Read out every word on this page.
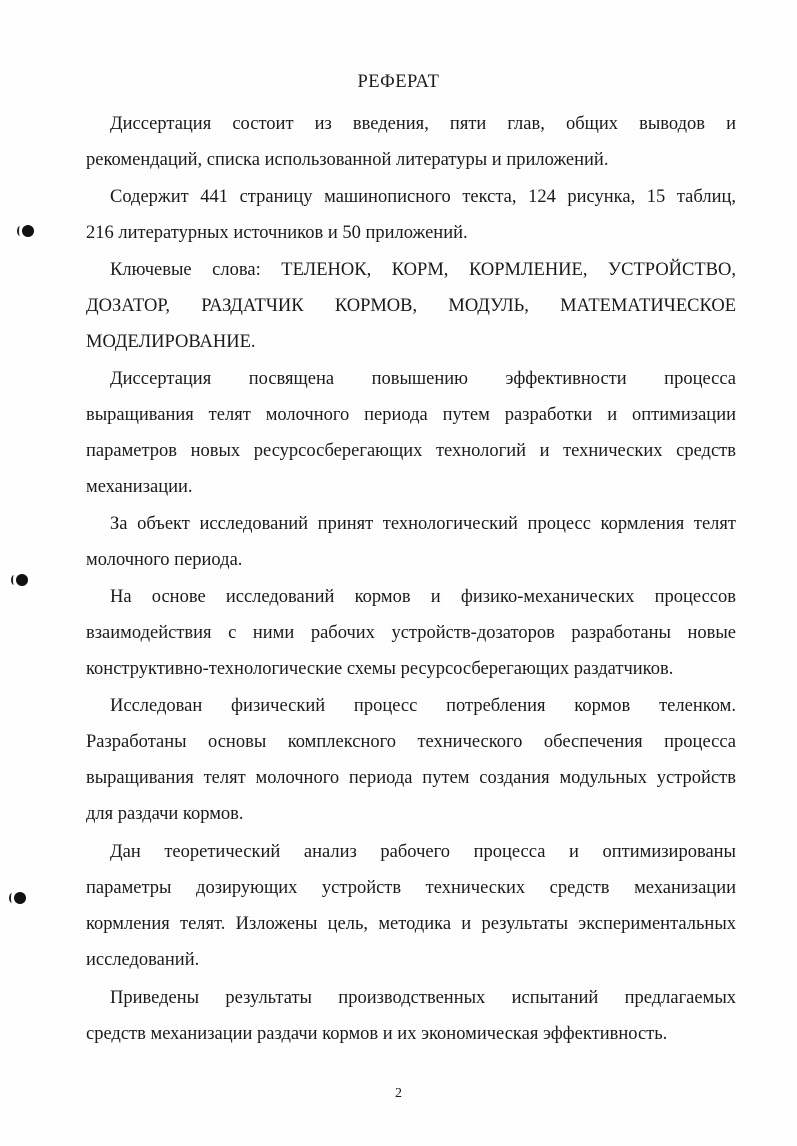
РЕФЕРАТ
Диссертация состоит из введения, пяти глав, общих выводов и
рекомендаций, списка использованной литературы и приложений.
Содержит 441 страницу машинописного текста, 124 рисунка, 15 таблиц,
216 литературных источников и 50 приложений.
Ключевые слова: ТЕЛЕНОК, КОРМ, КОРМЛЕНИЕ, УСТРОЙСТВО,
ДОЗАТОР, РАЗДАТЧИК КОРМОВ, МОДУЛЬ, МАТЕМАТИЧЕСКОЕ
МОДЕЛИРОВАНИЕ.
Диссертация посвящена повышению эффективности процесса
выращивания телят молочного периода путем разработки и оптимизации
параметров новых ресурсосберегающих технологий и технических средств
механизации.
За объект исследований принят технологический процесс кормления телят
молочного периода.
На основе исследований кормов и физико-механических процессов
взаимодействия с ними рабочих устройств-дозаторов разработаны новые
конструктивно-технологические схемы ресурсосберегающих раздатчиков.
Исследован физический процесс потребления кормов теленком.
Разработаны основы комплексного технического обеспечения процесса
выращивания телят молочного периода путем создания модульных устройств
для раздачи кормов.
Дан теоретический анализ рабочего процесса и оптимизированы
параметры дозирующих устройств технических средств механизации
кормления телят. Изложены цель, методика и результаты экспериментальных
исследований.
Приведены результаты производственных испытаний предлагаемых
средств механизации раздачи кормов и их экономическая эффективность.
2
